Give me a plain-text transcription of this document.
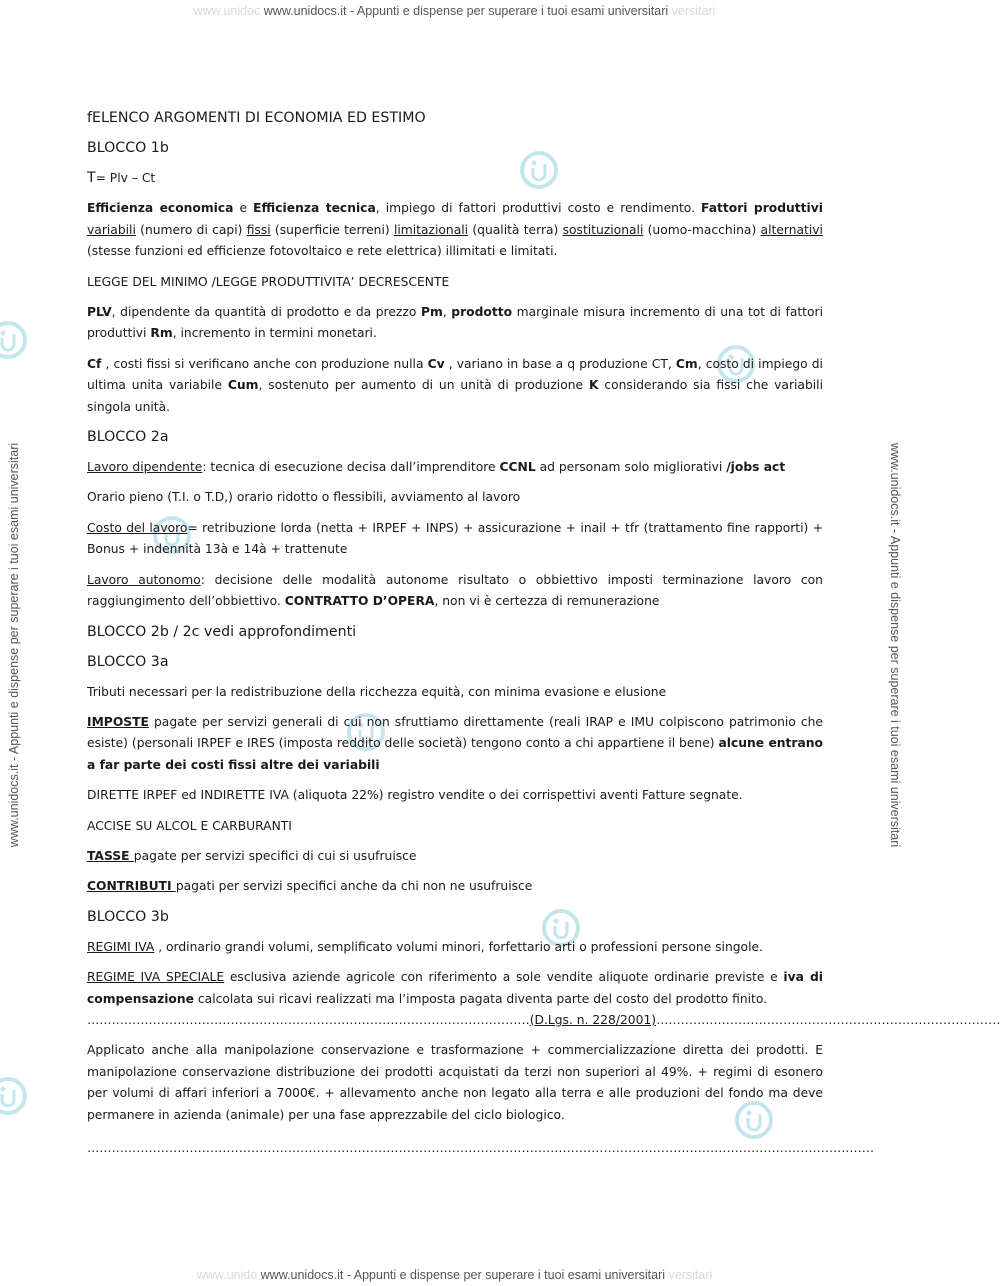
www.unidoc www.unidocs.it - Appunti e dispense per superare i tuoi esami universitari versitari
www.unido www.unidocs.it - Appunti e dispense per superare i tuoi esami universitari versitari
www.unidocs.it - Appunti e dispense per superare i tuoi esami universitari	www.unidocs.it - Appunti e dispense per superare i tuoi esami universitari

fELENCO ARGOMENTI DI ECONOMIA ED ESTIMO

BLOCCO 1b

T= Plv – Ct

Efficienza economica e Efficienza tecnica, impiego di fattori produttivi costo e rendimento. Fattori produttivi variabili (numero di capi) fissi (superficie terreni) limitazionali (qualità terra) sostituzionali (uomo-macchina) alternativi (stesse funzioni ed efficienze fotovoltaico e rete elettrica) illimitati e limitati.

LEGGE DEL MINIMO /LEGGE PRODUTTIVITA’ DECRESCENTE

PLV, dipendente da quantità di prodotto e da prezzo Pm, prodotto marginale misura incremento di una tot di fattori produttivi Rm, incremento in termini monetari.

Cf , costi fissi si verificano anche con produzione nulla Cv , variano in base a q produzione CT, Cm, costo di impiego di ultima unita variabile Cum, sostenuto per aumento di un unità di produzione K considerando sia fissi che variabili singola unità.

BLOCCO 2a

Lavoro dipendente: tecnica di esecuzione decisa dall’imprenditore CCNL ad personam solo migliorativi /jobs act

Orario pieno (T.I. o T.D,) orario ridotto o flessibili, avviamento al lavoro

Costo del lavoro= retribuzione lorda (netta + IRPEF + INPS) + assicurazione + inail + tfr (trattamento fine rapporti) + Bonus + indennità 13à e 14à + trattenute

Lavoro autonomo: decisione delle modalità autonome risultato o obbiettivo imposti terminazione lavoro con raggiungimento dell’obbiettivo. CONTRATTO D’OPERA, non vi è certezza di remunerazione

BLOCCO 2b / 2c vedi approfondimenti

BLOCCO 3a

Tributi necessari per la redistribuzione della ricchezza equità, con minima evasione e elusione

IMPOSTE pagate per servizi generali di cui non sfruttiamo direttamente (reali IRAP e IMU colpiscono patrimonio che esiste) (personali IRPEF e IRES (imposta reddito delle società) tengono conto a chi appartiene il bene) alcune entrano a far parte dei costi fissi altre dei variabili

DIRETTE IRPEF ed INDIRETTE IVA (aliquota 22%) registro vendite o dei corrispettivi aventi Fatture segnate.

ACCISE SU ALCOL E CARBURANTI

TASSE pagate per servizi specifici di cui si usufruisce

CONTRIBUTI pagati per servizi specifici anche da chi non ne usufruisce

BLOCCO 3b

REGIMI IVA , ordinario grandi volumi, semplificato volumi minori, forfettario arti o professioni persone singole.

REGIME IVA SPECIALE esclusiva aziende agricole con riferimento a sole vendite aliquote ordinarie previste e iva di compensazione calcolata sui ricavi realizzati ma l’imposta pagata diventa parte del costo del prodotto finito.

………………………………………………………………………………………………(D.Lgs. n. 228/2001)…………………………………………………………………………

Applicato anche alla manipolazione conservazione e trasformazione + commercializzazione diretta dei prodotti. E manipolazione conservazione distribuzione dei prodotti acquistati da terzi non superiori al 49%. + regimi di esonero per volumi di affari inferiori a 7000€. + allevamento anche non legato alla terra e alle produzioni del fondo ma deve permanere in azienda (animale) per una fase apprezzabile del ciclo biologico.

…………………………………………………………………………………………………………………………………………………………………………
